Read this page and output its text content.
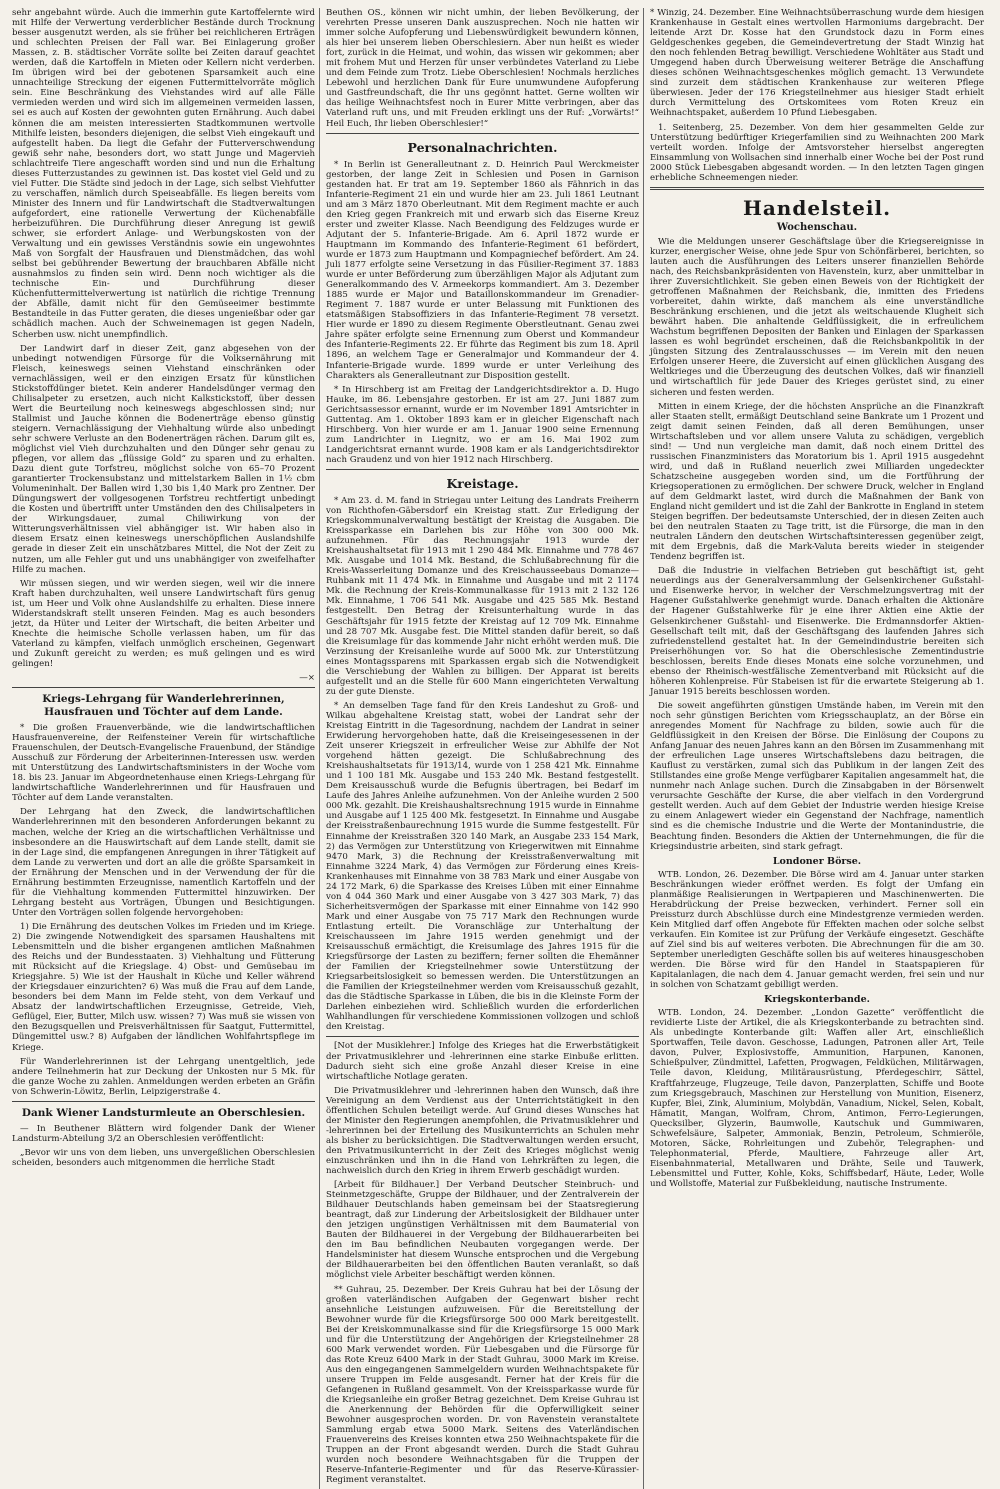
sehr angebahnt würde. Auch die immerhin gute Kartoffelernte wird mit Hilfe der Verwertung verderblicher Bestände durch Trocknung besser ausgenutzt werden, als sie früher bei reichlicheren Erträgen und schlechten Preisen der Fall war. Bei Einlagerung großer Massen, z. B. städtischer Vorräte sollte bei Zeiten darauf geachtet werden, daß die Kartoffeln in Mieten oder Kellern nicht verderben. Im übrigen wird bei der gebotenen Sparsamkeit auch eine unnachteilige Streckung der eigenen Futtermittelvorräte möglich sein. Eine Beschränkung des Viehstandes wird auf alle Fälle vermieden werden und wird sich im allgemeinen vermeiden lassen, sei es auch auf Kosten der gewohnten guten Ernährung. Auch dabei können die am meisten interessierten Stadtkommunen wertvolle Mithilfe leisten, besonders diejenigen, die selbst Vieh eingekauft und aufgestellt haben. Da liegt die Gefahr der Futterverschwendung gewiß sehr nahe, besonders dort, wo statt Junge und Magervieh schlachtreife Tiere angeschafft worden sind und nun die Erhaltung dieses Futterzustandes zu gewinnen ist. Das kostet viel Geld und zu viel Futter. Die Städte sind jedoch in der Lage, sich selbst Viehfutter zu verschaffen, nämlich durch Speiseabfälle. Es liegen bereits vom Minister des Innern und für Landwirtschaft die Stadtverwaltungen aufgefordert, eine rationelle Verwertung der Küchenabfälle herbeizuführen. Die Durchführung dieser Anregung ist gewiß schwer, sie erfordert Anlage- und Werbungskosten von der Verwaltung und ein gewisses Verständnis sowie ein ungewohntes Maß von Sorgfalt der Hausfrauen und Dienstmädchen, das wohl selbst bei gebührender Bewertung der brauchbaren Abfälle nicht ausnahmslos zu finden sein wird. Denn noch wichtiger als die technische Ein- und Durchführung dieser Küchenfuttermittelverwertung ist natürlich die richtige Trennung der Abfälle, damit nicht für den Gemüseeimer bestimmte Bestandteile in das Futter geraten, die dieses ungenießbar oder gar schädlich machen. Auch der Schweinemagen ist gegen Nadeln, Scherben usw. nicht unempfindlich.

Der Landwirt darf in dieser Zeit, ganz abgesehen von der unbedingt notwendigen Fürsorge für die Volksernährung mit Fleisch, keineswegs seinen Viehstand einschränken oder vernachlässigen, weil er den einzigen Ersatz für künstlichen Stickstoffdünger bietet. Kein anderer Handelsdünger vermag den Chilisalpeter zu ersetzen, auch nicht Kalkstickstoff, über dessen Wert die Beurteilung noch keineswegs abgeschlossen sind; nur Stallmist und Jauche können die Bodenerträge ebenso günstig steigern. Vernachlässigung der Viehhaltung würde also unbedingt sehr schwere Verluste an den Bodenerträgen rächen. Darum gilt es, möglichst viel Vieh durchzuhalten und den Dünger sehr genau zu pflegen, vor allem das „flüssige Gold“ zu sparen und zu erhalten. Dazu dient gute Torfstreu, möglichst solche von 65–70 Prozent garantierter Trockensubstanz und mittelstarkem Ballen in 1½ cbm Volumeninhalt. Der Ballen wird 1,30 bis 1,40 Mark pro Zentner. Der Düngungswert der vollgesogenen Torfstreu rechtfertigt unbedingt die Kosten und übertrifft unter Umständen den des Chilisalpeters in der Wirkungsdauer, zumal Chiliwirkung von der Witterungsverhältnissen viel abhängiger ist. Wir haben also in diesem Ersatz einen keineswegs unerschöpflichen Auslandshilfe gerade in dieser Zeit ein unschätzbares Mittel, die Not der Zeit zu nutzen, um alle Fehler gut und uns unabhängiger von zweifelhafter Hilfe zu machen.

Wir müssen siegen, und wir werden siegen, weil wir die innere Kraft haben durchzuhalten, weil unsere Landwirtschaft fürs genug ist, um Heer und Volk ohne Auslandshilfe zu erhalten. Diese innere Widerstandskraft stellt unseren Feinden. Mag es auch besonders jetzt, da Hüter und Leiter der Wirtschaft, die beiten Arbeiter und Knechte die heimische Scholle verlassen haben, um für das Vaterland zu kämpfen, vielfach unmöglich erscheinen, Gegenwart und Zukunft gereicht zu werden; es muß gelingen und es wird gelingen!

—×
Kriegs-Lehrgang für Wanderlehrerinnen, Hausfrauen und Töchter auf dem Lande.

* Die großen Frauenverbände, wie die landwirtschaftlichen Hausfrauenvereine, der Reifensteiner Verein für wirtschaftliche Frauenschulen, der Deutsch-Evangelische Frauenbund, der Ständige Ausschuß zur Förderung der Arbeiterinnen-Interessen usw. werden mit Unterstützung des Landwirtschaftsministers in der Woche vom 18. bis 23. Januar im Abgeordnetenhause einen Kriegs-Lehrgang für landwirtschaftliche Wanderlehrerinnen und für Hausfrauen und Töchter auf dem Lande veranstalten.

Der Lehrgang hat den Zweck, die landwirtschaftlichen Wanderlehrerinnen mit den besonderen Anforderungen bekannt zu machen, welche der Krieg an die wirtschaftlichen Verhältnisse und insbesondere an die Hauswirtschaft auf dem Lande stellt, damit sie in der Lage sind, die empfangenen Anregungen in ihrer Tätigkeit auf dem Lande zu verwerten und dort an alle die größte Sparsamkeit in der Ernährung der Menschen und in der Verwendung der für die Ernährung bestimmten Erzeugnisse, namentlich Kartoffeln und der für die Viehhaltung kommenden Futtermittel hinzuwirken. Der Lehrgang besteht aus Vorträgen, Übungen und Besichtigungen. Unter den Vorträgen sollen folgende hervorgehoben:

1) Die Ernährung des deutschen Volkes im Frieden und im Kriege. 2) Die zwingende Notwendigkeit des sparsamen Haushaltens mit Lebensmitteln und die bisher ergangenen amtlichen Maßnahmen des Reichs und der Bundesstaaten. 3) Viehhaltung und Fütterung mit Rücksicht auf die Kriegslage. 4) Obst- und Gemüsebau im Kriegsjahre. 5) Wie ist der Haushalt in Küche und Keller während der Kriegsdauer einzurichten? 6) Was muß die Frau auf dem Lande, besonders bei dem Mann im Felde steht, von dem Verkauf und Absatz der landwirtschaftlichen Erzeugnisse, Getreide, Vieh, Geflügel, Eier, Butter, Milch usw. wissen? 7) Was muß sie wissen von den Bezugsquellen und Preisverhältnissen für Saatgut, Futtermittel, Düngemittel usw.? 8) Aufgaben der ländlichen Wohlfahrtspflege im Kriege.

Für Wanderlehrerinnen ist der Lehrgang unentgeltlich, jede andere Teilnehmerin hat zur Deckung der Unkosten nur 5 Mk. für die ganze Woche zu zahlen. Anmeldungen werden erbeten an Gräfin von Schwerin-Löwitz, Berlin, Leipzigerstraße 4.

Dank Wiener Landsturmleute an Oberschlesien.

— In Beuthener Blättern wird folgender Dank der Wiener Landsturm-Abteilung 3/2 an Oberschlesien veröffentlicht:

„Bevor wir uns von dem lieben, uns unvergeßlichen Oberschlesien scheiden, besonders auch mitgenommen die herrliche Stadt

Beuthen OS., können wir nicht umhin, der lieben Bevölkerung, der verehrten Presse unseren Dank auszusprechen. Noch nie hatten wir immer solche Aufopferung und Liebenswürdigkeit bewundern können, als hier bei unserem lieben Oberschlesiern. Aber nun heißt es wieder fort, zurück in die Heimat, und wohin, das wissen wir gekommen; aber mit frohem Mut und Herzen für unser verbündetes Vaterland zu Liebe und dem Feinde zum Trotz. Liebe Oberschlesien! Nochmals herzliches Lebewohl und herzlichen Dank für Eure unumwundene Aufopferung und Gastfreundschaft, die Ihr uns gegönnt hattet. Gerne wollten wir das heilige Weihnachtsfest noch in Eurer Mitte verbringen, aber das Vaterland ruft uns, und mit Freuden erklingt uns der Ruf: „Vorwärts!“ Heil Euch, Ihr lieben Oberschlesier!“

Personalnachrichten.

* In Berlin ist Generalleutnant z. D. Heinrich Paul Werckmeister gestorben, der lange Zeit in Schlesien und Posen in Garnison gestanden hat. Er trat am 19. September 1860 als Fähnrich in das Infanterie-Regiment 21 ein und wurde hier am 23. Juli 1861 Leutnant und am 3 März 1870 Oberleutnant. Mit dem Regiment machte er auch den Krieg gegen Frankreich mit und erwarb sich das Eiserne Kreuz erster und zweiter Klasse. Nach Beendigung des Feldzuges wurde er Adjutant der 5. Infanterie-Brigade. Am 6. April 1872 wurde er Hauptmann im Kommando des Infanterie-Regiment 61 befördert, wurde er 1873 zum Hauptmann und Kompagniechef befördert. Am 24. Juli 1877 erfolgte seine Versetzung in das Füsilier-Regiment 37. 1883 wurde er unter Beförderung zum überzähligen Major als Adjutant zum Generalkommando des V. Armeekorps kommandiert. Am 3. Dezember 1885 wurde er Major und Bataillonskommandeur im Grenadier-Regiment 7. 1887 wurde er unter Belassung mit Funktionen des etatsmäßigen Stabsoffiziers in das Infanterie-Regiment 78 versetzt. Hier wurde er 1890 zu diesem Regimente Oberstleutnant. Genau zwei Jahre später erfolgte seine Ernennung zum Oberst und Kommandeur des Infanterie-Regiments 22. Er führte das Regiment bis zum 18. April 1896, an welchem Tage er Generalmajor und Kommandeur der 4. Infanterie-Brigade wurde. 1899 wurde er unter Verleihung des Charakters als Generalleutnant zur Disposition gestellt.

* In Hirschberg ist am Freitag der Landgerichtsdirektor a. D. Hugo Hauke, im 86. Lebensjahre gestorben. Er ist am 27. Juni 1887 zum Gerichtsassessor ernannt, wurde er im November 1891 Amtsrichter in Guttentag. Am 1. Oktober 1893 kam er in gleicher Eigenschaft nach Hirschberg. Von hier wurde er am 1. Januar 1900 seine Ernennung zum Landrichter in Liegnitz, wo er am 16. Mai 1902 zum Landgerichtsrat ernannt wurde. 1908 kam er als Landgerichtsdirektor nach Graudenz und von hier 1912 nach Hirschberg.

Kreistage.

* Am 23. d. M. fand in Striegau unter Leitung des Landrats Freiherrn von Richthofen-Gäbersdorf ein Kreistag statt. Zur Erledigung der Kriegskommunalverwaltung bestätigt der Kreistag die Ausgaben. Die Kreissparkasse ein Darlehen bis zur Höhe von 300 000 Mk. aufzunehmen. Für das Rechnungsjahr 1913 wurde der Kreishaushaltsetat für 1913 mit 1 290 484 Mk. Einnahme und 778 467 Mk. Ausgabe und 1014 Mk. Bestand, die Schlußabrechnung für die Kreis-Wasserleitung Domanze und des Kreischausseebaus Domanze—Ruhbank mit 11 474 Mk. in Einnahme und Ausgabe und mit 2 1174 Mk. die Rechnung der Kreis-Kommunalkasse für 1913 mit 2 132 126 Mk. Einnahme, 1 706 541 Mk. Ausgabe und 425 585 Mk. Bestand festgestellt. Den Betrag der Kreisunterhaltung wurde in das Geschäftsjahr für 1915 fetzte der Kreistag auf 12 709 Mk. Einnahme und 28 707 Mk. Ausgabe fest. Die Mittel standen dafür bereit, so daß die Kreisumlage für das kommende Jahr nicht erhöht werden muß. Die Verzinsung der Kreisanleihe wurde auf 5000 Mk. zur Unterstützung eines Montagssparens mit Sparkassen ergab sich die Notwendigkeit die Verschiebung der Wahlen zu billigen. Der Apparat ist bereits aufgestellt und an die Stelle für 600 Mann eingerichteten Verwaltung zu der gute Dienste.

* An demselben Tage fand für den Kreis Landeshut zu Groß- und Wilkau abgehaltene Kreistag statt, wobei der Landrat sehr der Kreistag Eintritt in die Tagesordnung, nachdem der Landrat in seiner Erwiderung hervorgehoben hatte, daß die Kreiseingesessenen in der Zeit unserer Kriegszeit in erfreulicher Weise zur Abhilfe der Not vorgehend hätten gezeigt. Die Schlußabrechnung des Kreishaushaltsetats für 1913/14, wurde von 1 258 421 Mk. Einnahme und 1 100 181 Mk. Ausgabe und 153 240 Mk. Bestand festgestellt. Dem Kreisausschuß wurde die Befugnis übertragen, bei Bedarf im Laufe des Jahres Anleihe aufzunehmen. Von der Anleihe wurden 2 500 000 Mk. gezahlt. Die Kreishaushaltsrechnung 1915 wurde in Einnahme und Ausgabe auf 1 125 400 Mk. festgesetzt. In Einnahme und Ausgabe der Kreisstraßenbaurechnung 1915 wurde die Summe festgestellt. Für Einnahme der Kreisstraßen 320 140 Mark, an Ausgabe 233 154 Mark, 2) das Vermögen zur Unterstützung von Kriegerwitwen mit Einnahme 9470 Mark, 3) die Rechnung der Kreisstraßenverwaltung mit Einnahme 3224 Mark, 4) das Vermögen zur Förderung eines Kreis-Krankenhauses mit Einnahme von 38 783 Mark und einer Ausgabe von 24 172 Mark, 6) die Sparkasse des Kreises Lüben mit einer Einnahme von 4 044 360 Mark und einer Ausgabe von 3 427 303 Mark, 7) das Sicherheitsvermögen der Sparkasse mit einer Einnahme von 142 990 Mark und einer Ausgabe von 75 717 Mark den Rechnungen wurde Entlastung erteilt. Die Voranschläge zur Unterhaltung der Kreischausseen im Jahre 1915 werden genehmigt und der Kreisausschuß ermächtigt, die Kreisumlage des Jahres 1915 für die Kriegsfürsorge der Lasten zu beziffern; ferner sollten die Ehemänner der Familien der Kriegsteilnehmer sowie Unterstützung der Kriegsarbeitslosigkeit so bemessen werden. Die Unterstützungen an die Familien der Kriegsteilnehmer werden vom Kreisausschuß gezahlt, das die Städtische Sparkasse in Lüben, die bis in die Kleinste Form der Darlehen einbeziehen wird. Schließlich wurden die erforderlichen Wahlhandlungen für verschiedene Kommissionen vollzogen und schloß den Kreistag.

[Not der Musiklehrer.] Infolge des Krieges hat die Erwerbstätigkeit der Privatmusiklehrer und -lehrerinnen eine starke Einbuße erlitten. Dadurch sieht sich eine große Anzahl dieser Kreise in eine wirtschaftliche Notlage geraten.

Die Privatmusiklehrer und -lehrerinnen haben den Wunsch, daß ihre Vereinigung an dem Verdienst aus der Unterrichtstätigkeit in den öffentlichen Schulen beteiligt werde. Auf Grund dieses Wunsches hat der Minister den Regierungen anempfohlen, die Privatmusiklehrer und -lehrerinnen bei der Erteilung des Musikunterrichts an Schulen mehr als bisher zu berücksichtigen. Die Stadtverwaltungen werden ersucht, den Privatmusikunterricht in der Zeit des Krieges möglichst wenig einzuschränken und ihn in die Hand von Lehrkräften zu legen, die nachweislich durch den Krieg in ihrem Erwerb geschädigt wurden.

[Arbeit für Bildhauer.] Der Verband Deutscher Steinbruch- und Steinmetzgeschäfte, Gruppe der Bildhauer, und der Zentralverein der Bildhauer Deutschlands haben gemeinsam bei der Staatsregierung beantragt, daß zur Linderung der Arbeitslosigkeit der Bildhauer unter den jetzigen ungünstigen Verhältnissen mit dem Baumaterial von Bauten der Bildhauerei in der Vergebung der Bildhauerarbeiten bei den im Bau befindlichen Neubauten vorgegangen werde. Der Handelsminister hat diesem Wunsche entsprochen und die Vergebung der Bildhauerarbeiten bei den öffentlichen Bauten veranlaßt, so daß möglichst viele Arbeiter beschäftigt werden können.

** Guhrau, 25. Dezember. Der Kreis Guhrau hat bei der Lösung der großen vaterländischen Aufgaben der Gegenwart bisher recht ansehnliche Leistungen aufzuweisen. Für die Bereitstellung der Bewohner wurde für die Kriegsfürsorge 500 000 Mark bereitgestellt. Bei der Kreiskommunalkasse sind für die Kriegsfürsorge 15 000 Mark und für die Unterstützung der Angehörigen der Kriegsteilnehmer 28 600 Mark verwendet worden. Für Liebesgaben und die Fürsorge für das Rote Kreuz 6400 Mark in der Stadt Guhrau, 3000 Mark im Kreise. Aus den eingegangenen Sammelgeldern wurden Weihnachtspakete für unsere Truppen im Felde ausgesandt. Ferner hat der Kreis für die Gefangenen in Rußland gesammelt. Von der Kreissparkasse wurde für die Kriegsanleihe ein großer Betrag gezeichnet. Dem Kreise Guhrau ist die Anerkennung der Behörden für die Opferwilligkeit seiner Bewohner ausgesprochen worden. Dr. von Ravenstein veranstaltete Sammlung ergab etwa 5000 Mark. Seitens des Vaterländischen Frauenvereins des Kreises konnten etwa 250 Weihnachtspakete für die Truppen an der Front abgesandt werden. Durch die Stadt Guhrau wurden noch besondere Weihnachtsgaben für die Truppen der Reserve-Infanterie-Regimenter und für das Reserve-Kürassier-Regiment veranstaltet.

* Winzig, 24. Dezember. Eine Weihnachtsüberraschung wurde dem hiesigen Krankenhause in Gestalt eines wertvollen Harmoniums dargebracht. Der leitende Arzt Dr. Kosse hat den Grundstock dazu in Form eines Geldgeschenkes gegeben, die Gemeindevertretung der Stadt Winzig hat den noch fehlenden Betrag bewilligt. Verschiedene Wohltäter aus Stadt und Umgegend haben durch Überweisung weiterer Beträge die Anschaffung dieses schönen Weihnachtsgeschenkes möglich gemacht. 13 Verwundete sind zurzeit dem städtischen Krankenhause zur weiteren Pflege überwiesen. Jeder der 176 Kriegsteilnehmer aus hiesiger Stadt erhielt durch Vermittelung des Ortskomitees vom Roten Kreuz ein Weihnachtspaket, außerdem 10 Pfund Liebesgaben.

1. Seitenberg, 25. Dezember. Von dem hier gesammelten Gelde zur Unterstützung bedürftiger Kriegerfamilien sind zu Weihnachten 200 Mark verteilt worden. Infolge der Amtsvorsteher hierselbst angeregten Einsammlung von Wollsachen sind innerhalb einer Woche bei der Post rund 2000 Stück Liebesgaben abgesandt worden. — In den letzten Tagen gingen erhebliche Schneemengen nieder.

Handelsteil.
Wochenschau.

Wie die Meldungen unserer Geschäftslage über die Kriegsereignisse in kurzer, energischer Weise, ohne jede Spur von Schönfärberei, berichten, so lauten auch die Ausführungen des Leiters unserer finanziellen Behörde nach, des Reichsbankpräsidenten von Havenstein, kurz, aber unmittelbar in ihrer Zuversichtlichkeit. Sie geben einen Beweis von der Richtigkeit der getroffenen Maßnahmen der Reichsbank, die, inmitten des Friedens vorbereitet, dahin wirkte, daß manchem als eine unverständliche Beschränkung erschienen, und die jetzt als weitschauende Klugheit sich bewährt haben. Die anhaltende Geldflüssigkeit, die in erfreulichem Wachstum begriffenen Depositen der Banken und Einlagen der Sparkassen lassen es wohl begründet erscheinen, daß die Reichsbankpolitik in der jüngsten Sitzung des Zentralausschusses — im Verein mit den neuen Erfolgen unserer Heere, die Zuversicht auf einen glücklichen Ausgang des Weltkrieges und die Überzeugung des deutschen Volkes, daß wir finanziell und wirtschaftlich für jede Dauer des Krieges gerüstet sind, zu einer sicheren und festen werden.

Mitten in einem Kriege, der die höchsten Ansprüche an die Finanzkraft aller Staaten stellt, ermäßigt Deutschland seine Bankrate um 1 Prozent und zeigt damit seinen Feinden, daß all deren Bemühungen, unser Wirtschaftsleben und vor allem unsere Valuta zu schädigen, vergeblich sind! — Und nun vergleiche man damit, daß noch einem Drittel des russischen Finanzministers das Moratorium bis 1. April 1915 ausgedehnt wird, und daß in Rußland neuerlich zwei Milliarden ungedeckter Schatzscheine ausgegeben worden sind, um die Fortführung der Kriegsoperationen zu ermöglichen. Der schwere Druck, welcher in England auf dem Geldmarkt lastet, wird durch die Maßnahmen der Bank von England nicht gemildert und ist die Zahl der Bankrotte in England in stetem Steigen begriffen. Der bedeutsamste Unterschied, der in diesen Zeiten auch bei den neutralen Staaten zu Tage tritt, ist die Fürsorge, die man in den neutralen Ländern den deutschen Wirtschaftsinteressen gegenüber zeigt, mit dem Ergebnis, daß die Mark-Valuta bereits wieder in steigender Tendenz begriffen ist.

Daß die Industrie in vielfachen Betrieben gut beschäftigt ist, geht neuerdings aus der Generalversammlung der Gelsenkirchener Gußstahl- und Eisenwerke hervor, in welcher der Verschmelzungsvertrag mit der Hagener Gußstahlwerke genehmigt wurde. Danach erhalten die Aktionäre der Hagener Gußstahlwerke für je eine ihrer Aktien eine Aktie der Gelsenkirchener Gußstahl- und Eisenwerke. Die Erdmannsdorfer Aktien-Gesellschaft teilt mit, daß der Geschäftsgang des laufenden Jahres sich zufriedenstellend gestaltet hat. In der Gemeindindustrie bereiten sich Preiserhöhungen vor. So hat die Oberschlesische Zementindustrie beschlossen, bereits Ende dieses Monats eine solche vorzunehmen, und ebenso der Rheinisch-westfälische Zementverband mit Rücksicht auf die höheren Kohlenpreise. Für Stabeisen ist für die erwartete Steigerung ab 1. Januar 1915 bereits beschlossen worden.

Die soweit angeführten günstigen Umstände haben, im Verein mit den noch sehr günstigen Berichten vom Kriegsschauplatz, an der Börse ein anregendes Moment für Nachfrage zu bilden, sowie auch für die Geldflüssigkeit in den Kreisen der Börse. Die Einlösung der Coupons zu Anfang Januar des neuen Jahres kann an den Börsen im Zusammenhang mit der erfreulichen Lage unseres Wirtschaftslebens dazu beitragen, die Kauflust zu verstärken, zumal sich das Publikum in der langen Zeit des Stillstandes eine große Menge verfügbarer Kapitalien angesammelt hat, die nunmehr nach Anlage suchen. Durch die Zinsabgaben in der Börsenwelt verursachte Geschäfte der Kurse, die aber vielfach in den Vordergrund gestellt werden. Auch auf dem Gebiet der Industrie werden hiesige Kreise zu einem Anlagewert wieder ein Gegenstand der Nachfrage, namentlich sind es die chemische Industrie und die Werte der Montanindustrie, die Beachtung finden. Besonders die Aktien der Unternehmungen, die für die Kriegsindustrie arbeiten, sind stark gefragt.

Londoner Börse.

WTB. London, 26. Dezember. Die Börse wird am 4. Januar unter starken Beschränkungen wieder eröffnet werden. Es folgt der Umfang ein planmäßige Realisierungen in Wertpapieren und Maschinenwerten. Die Herabdrückung der Preise bezwecken, verhindert. Ferner soll ein Preissturz durch Abschlüsse durch eine Mindestgrenze vermieden werden. Kein Mitglied darf offen Angebote für Effekten machen oder solche selbst verkaufen. Ein Komitee ist zur Prüfung der Verkäufe eingesetzt. Geschäfte auf Ziel sind bis auf weiteres verboten. Die Abrechnungen für die am 30. September unerledigten Geschäfte sollen bis auf weiteres hinausgeschoben werden. Die Börse wird für den Handel in Staatspapieren für Kapitalanlagen, die nach dem 4. Januar gemacht werden, frei sein und nur in solchen von Schatzamt gebilligt werden.

Kriegskonterbande.

WTB. London, 24. Dezember. „London Gazette“ veröffentlicht die revidierte Liste der Artikel, die als Kriegskonterbande zu betrachten sind. Als unbedingte Konterbande gilt: Waffen aller Art, einschließlich Sportwaffen, Teile davon. Geschosse, Ladungen, Patronen aller Art, Teile davon, Pulver, Explosivstoffe, Ammunition, Harpunen, Kanonen, Schießpulver, Zündmittel, Lafetten, Progwagen, Feldküchen, Militärwagen, Teile davon, Kleidung, Militärausrüstung, Pferdegeschirr, Sättel, Kraftfahrzeuge, Flugzeuge, Teile davon, Panzerplatten, Schiffe und Boote zum Kriegsgebrauch, Maschinen zur Herstellung von Munition, Eisenerz, Kupfer, Blei, Zink, Aluminium, Molybdän, Vanadium, Nickel, Selen, Kobalt, Hämatit, Mangan, Wolfram, Chrom, Antimon, Ferro-Legierungen, Quecksilber, Glyzerin, Baumwolle, Kautschuk und Gummiwaren, Schwefelsäure, Salpeter, Ammoniak, Benzin, Petroleum, Schmieröle, Motoren, Säcke, Rohrleitungen und Zubehör, Telegraphen- und Telephonmaterial, Pferde, Maultiere, Fahrzeuge aller Art, Eisenbahnmaterial, Metallwaren und Drähte, Seile und Tauwerk, Lebensmittel und Futter, Kohle, Koks, Schiffsbedarf, Häute, Leder, Wolle und Wollstoffe, Material zur Fußbekleidung, nautische Instrumente.
